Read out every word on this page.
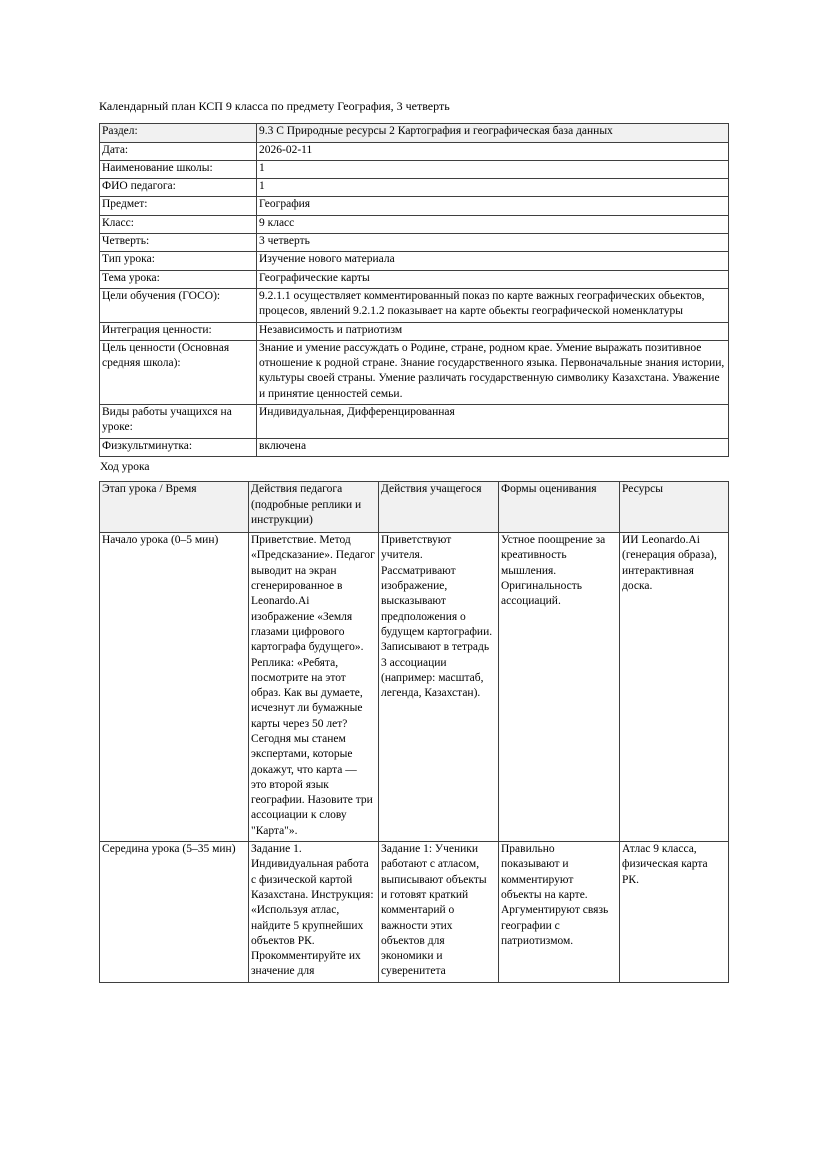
Календарный план КСП 9 класса по предмету География, 3 четверть
Раздел:	9.3 С Природные ресурсы 2 Картография и географическая база данных
Дата:	2026-02-11
Наименование школы:	1
ФИО педагога:	1
Предмет:	География
Класс:	9 класс
Четверть:	3 четверть
Тип урока:	Изучение нового материала
Тема урока:	Географические карты
Цели обучения (ГОСО):	9.2.1.1 осуществляет комментированный показ по карте важных географических обьектов, процесов, явлений 9.2.1.2 показывает на карте обьекты географической номенклатуры
Интеграция ценности:	Независимость и патриотизм
Цель ценности (Основная средняя школа):	Знание и умение рассуждать о Родине, стране, родном крае. Умение выражать позитивное отношение к родной стране. Знание государственного языка. Первоначальные знания истории, культуры своей страны. Умение различать государственную символику Казахстана. Уважение и принятие ценностей семьи.
Виды работы учащихся на уроке:	Индивидуальная, Дифференцированная
Физкультминутка:	включена
Ход урока
Этап урока / Время	Действия педагога (подробные реплики и инструкции)	Действия учащегося	Формы оценивания	Ресурсы
Начало урока (0–5 мин)	Приветствие. Метод «Предсказание». Педагог выводит на экран сгенерированное в Leonardo.Ai изображение «Земля глазами цифрового картографа будущего». Реплика: «Ребята, посмотрите на этот образ. Как вы думаете, исчезнут ли бумажные карты через 50 лет? Сегодня мы станем экспертами, которые докажут, что карта — это второй язык географии. Назовите три ассоциации к слову "Карта"».	Приветствуют учителя. Рассматривают изображение, высказывают предположения о будущем картографии. Записывают в тетрадь 3 ассоциации (например: масштаб, легенда, Казахстан).	Устное поощрение за креативность мышления. Оригинальность ассоциаций.	ИИ Leonardo.Ai (генерация образа), интерактивная доска.
Середина урока (5–35 мин)	Задание 1. Индивидуальная работа с физической картой Казахстана. Инструкция: «Используя атлас, найдите 5 крупнейших объектов РК. Прокомментируйте их значение для	Задание 1: Ученики работают с атласом, выписывают объекты и готовят краткий комментарий о важности этих объектов для экономики и суверенитета	Правильно показывают и комментируют объекты на карте. Аргументируют связь географии с патриотизмом.	Атлас 9 класса, физическая карта РК.
